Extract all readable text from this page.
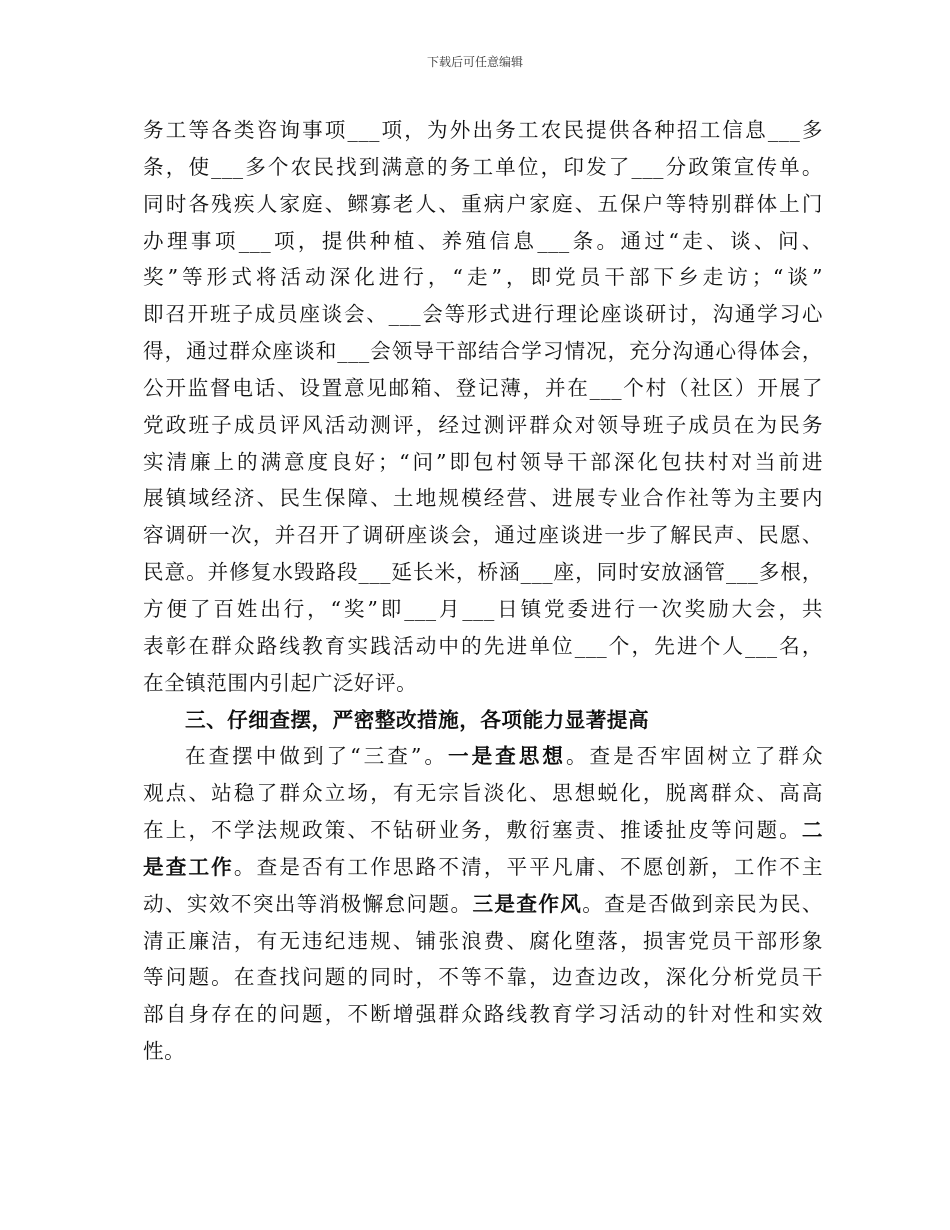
下载后可任意编辑
务工等各类咨询事项___项，为外出务工农民提供各种招工信息___多
条，使___多个农民找到满意的务工单位，印发了___分政策宣传单。
同时各残疾人家庭、鳏寡老人、重病户家庭、五保户等特别群体上门
办理事项___项，提供种植、养殖信息___条。通过“走、谈、问、
奖”等形式将活动深化进行，“走”，即党员干部下乡走访；“谈”
即召开班子成员座谈会、___会等形式进行理论座谈研讨，沟通学习心
得，通过群众座谈和___会领导干部结合学习情况，充分沟通心得体会，
公开监督电话、设置意见邮箱、登记薄，并在___个村（社区）开展了
党政班子成员评风活动测评，经过测评群众对领导班子成员在为民务
实清廉上的满意度良好；“问”即包村领导干部深化包扶村对当前进
展镇域经济、民生保障、土地规模经营、进展专业合作社等为主要内
容调研一次，并召开了调研座谈会，通过座谈进一步了解民声、民愿、
民意。并修复水毁路段___延长米，桥涵___座，同时安放涵管___多根，
方便了百姓出行，“奖”即___月___日镇党委进行一次奖励大会，共
表彰在群众路线教育实践活动中的先进单位___个，先进个人___名，
在全镇范围内引起广泛好评。
三、仔细查摆，严密整改措施，各项能力显著提高
在查摆中做到了“三查”。一是查思想。查是否牢固树立了群众
观点、站稳了群众立场，有无宗旨淡化、思想蜕化，脱离群众、高高
在上，不学法规政策、不钻研业务，敷衍塞责、推诿扯皮等问题。二
是查工作。查是否有工作思路不清，平平凡庸、不愿创新，工作不主
动、实效不突出等消极懈怠问题。三是查作风。查是否做到亲民为民、
清正廉洁，有无违纪违规、铺张浪费、腐化堕落，损害党员干部形象
等问题。在查找问题的同时，不等不靠，边查边改，深化分析党员干
部自身存在的问题，不断增强群众路线教育学习活动的针对性和实效
性。
